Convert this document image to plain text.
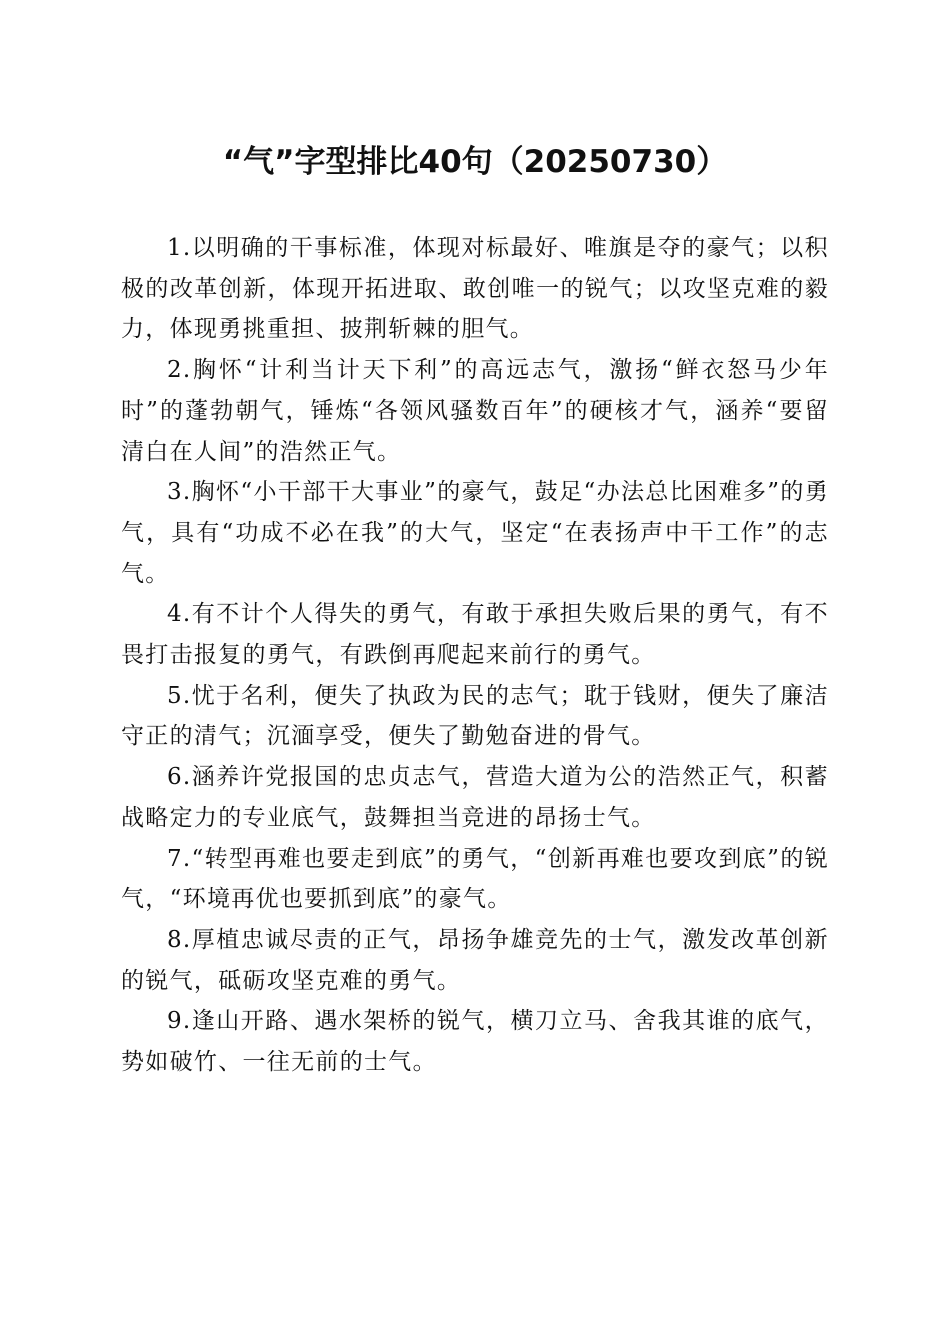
“气”字型排比40句（20250730）

1.以明确的干事标准，体现对标最好、唯旗是夺的豪气；以积极的改革创新，体现开拓进取、敢创唯一的锐气；以攻坚克难的毅力，体现勇挑重担、披荆斩棘的胆气。

2.胸怀“计利当计天下利”的高远志气，激扬“鲜衣怒马少年时”的蓬勃朝气，锤炼“各领风骚数百年”的硬核才气，涵养“要留清白在人间”的浩然正气。

3.胸怀“小干部干大事业”的豪气，鼓足“办法总比困难多”的勇气，具有“功成不必在我”的大气，坚定“在表扬声中干工作”的志气。

4.有不计个人得失的勇气，有敢于承担失败后果的勇气，有不畏打击报复的勇气，有跌倒再爬起来前行的勇气。

5.忧于名利，便失了执政为民的志气；耽于钱财，便失了廉洁守正的清气；沉湎享受，便失了勤勉奋进的骨气。

6.涵养许党报国的忠贞志气，营造大道为公的浩然正气，积蓄战略定力的专业底气，鼓舞担当竞进的昂扬士气。

7.“转型再难也要走到底”的勇气，“创新再难也要攻到底”的锐气，“环境再优也要抓到底”的豪气。

8.厚植忠诚尽责的正气，昂扬争雄竞先的士气，激发改革创新的锐气，砥砺攻坚克难的勇气。

9.逢山开路、遇水架桥的锐气，横刀立马、舍我其谁的底气，势如破竹、一往无前的士气。
